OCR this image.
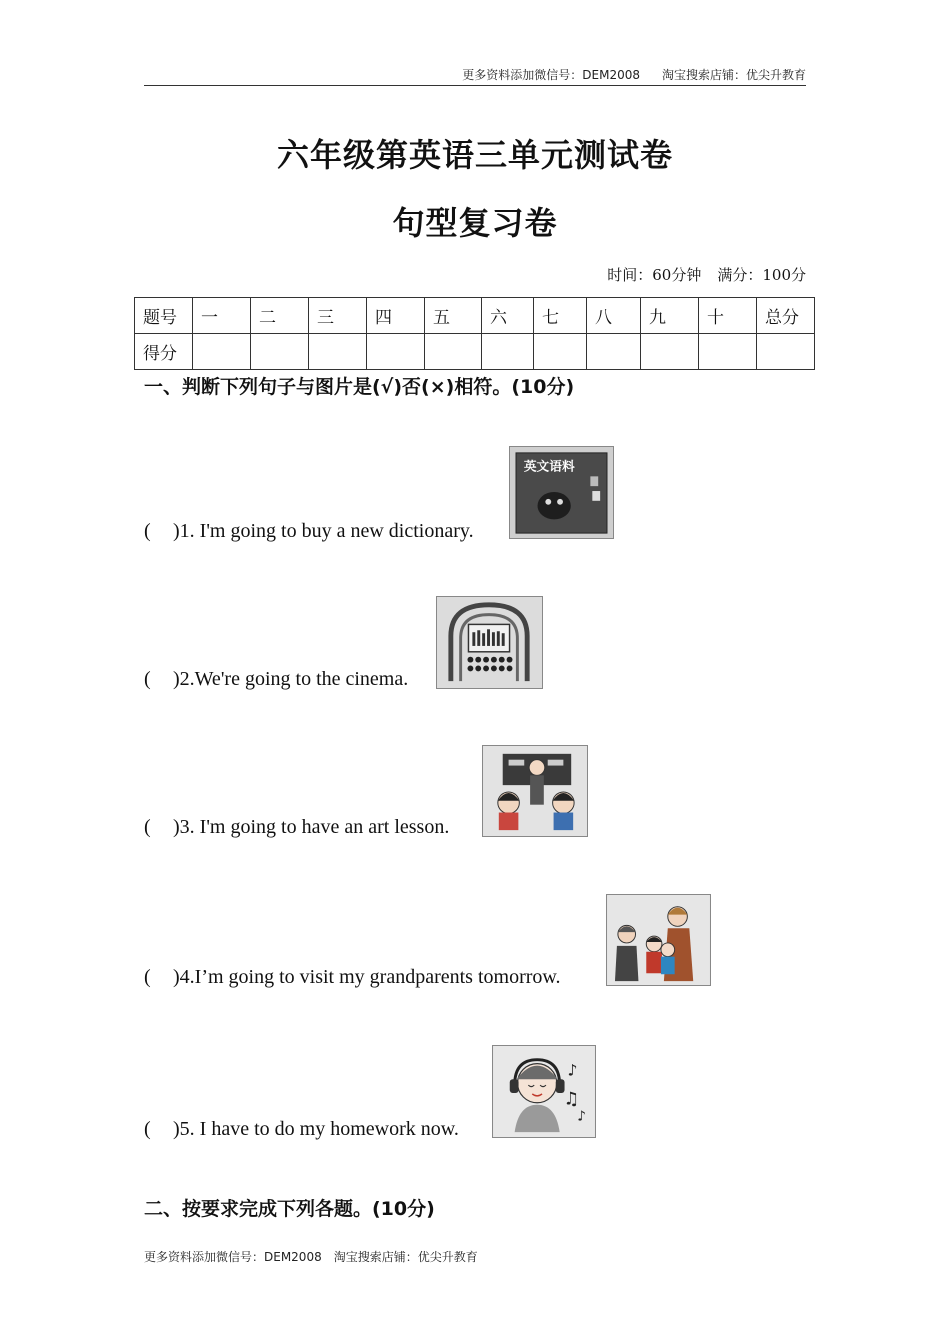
更多资料添加微信号：DEM2008 淘宝搜索店铺：优尖升教育
六年级第英语三单元测试卷
句型复习卷
时间：60分钟 满分：100分
题号	一	二	三	四	五	六	七	八	九	十	总分
得分											
一、判断下列句子与图片是(√)否(×)相符。(10分)
( )1. I'm going to buy a new dictionary.
英文语料
( )2.We're going to the cinema.
( )3. I'm going to have an art lesson.
( )4.I’m going to visit my grandparents tomorrow.
( )5. I have to do my homework now.
♪
♫
♪
二、按要求完成下列各题。(10分)
更多资料添加微信号：DEM2008 淘宝搜索店铺：优尖升教育
